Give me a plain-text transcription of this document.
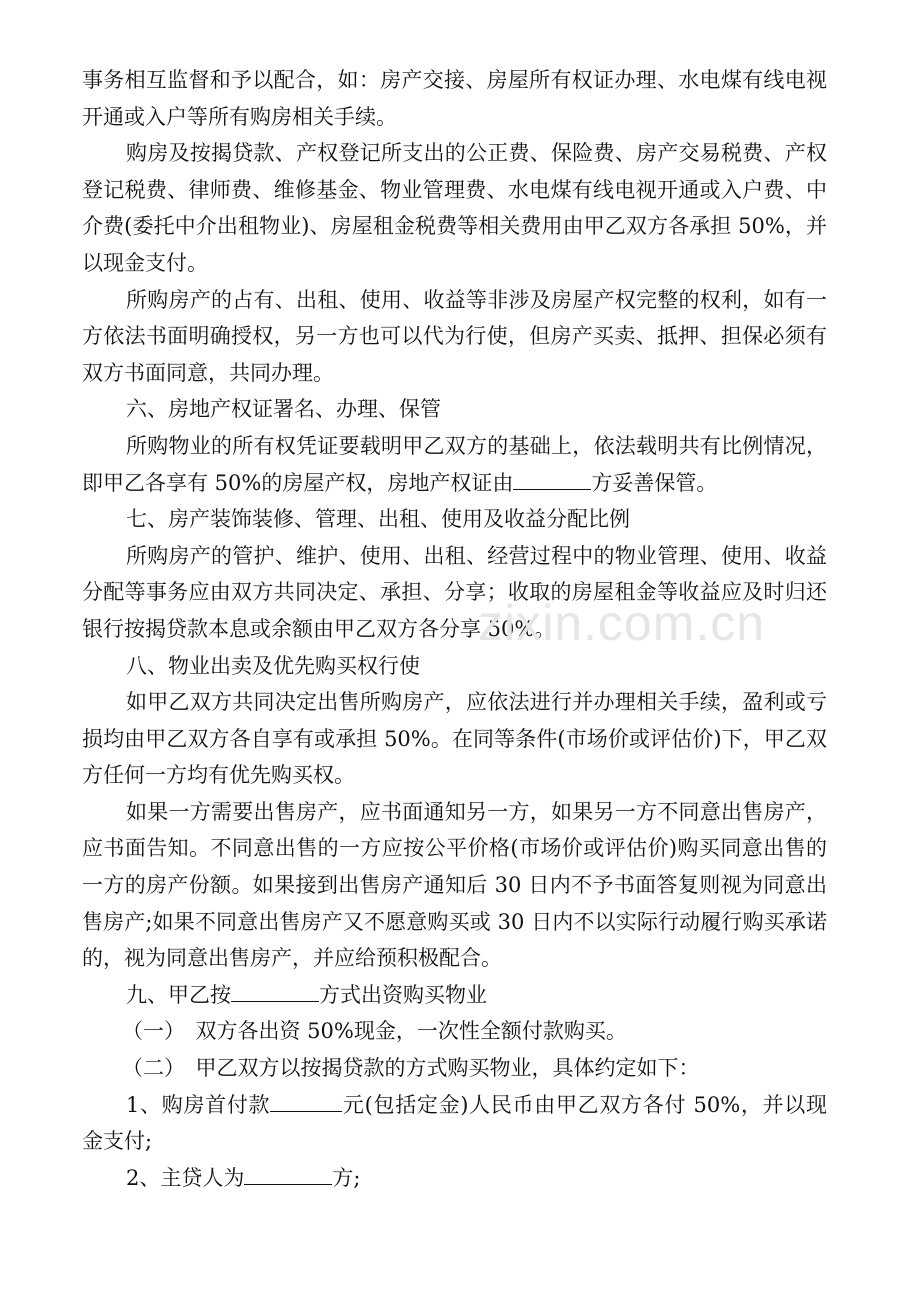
事务相互监督和予以配合，如：房产交接、房屋所有权证办理、水电煤有线电视开通或入户等所有购房相关手续。

购房及按揭贷款、产权登记所支出的公正费、保险费、房产交易税费、产权登记税费、律师费、维修基金、物业管理费、水电煤有线电视开通或入户费、中介费(委托中介出租物业)、房屋租金税费等相关费用由甲乙双方各承担 50%，并以现金支付。

所购房产的占有、出租、使用、收益等非涉及房屋产权完整的权利，如有一方依法书面明确授权，另一方也可以代为行使，但房产买卖、抵押、担保必须有双方书面同意，共同办理。

六、房地产权证署名、办理、保管

所购物业的所有权凭证要载明甲乙双方的基础上，依法载明共有比例情况，即甲乙各享有 50%的房屋产权，房地产权证由	方妥善保管。

七、房产装饰装修、管理、出租、使用及收益分配比例

所购房产的管护、维护、使用、出租、经营过程中的物业管理、使用、收益分配等事务应由双方共同决定、承担、分享；收取的房屋租金等收益应及时归还银行按揭贷款本息或余额由甲乙双方各分享 50%。

八、物业出卖及优先购买权行使

如甲乙双方共同决定出售所购房产，应依法进行并办理相关手续，盈利或亏损均由甲乙双方各自享有或承担 50%。在同等条件(市场价或评估价)下，甲乙双方任何一方均有优先购买权。

如果一方需要出售房产，应书面通知另一方，如果另一方不同意出售房产，应书面告知。不同意出售的一方应按公平价格(市场价或评估价)购买同意出售的一方的房产份额。如果接到出售房产通知后 30 日内不予书面答复则视为同意出售房产;如果不同意出售房产又不愿意购买或 30 日内不以实际行动履行购买承诺的，视为同意出售房产，并应给预积极配合。

九、甲乙按	方式出资购买物业

（一）　双方各出资 50%现金，一次性全额付款购买。

（二）　甲乙双方以按揭贷款的方式购买物业，具体约定如下：

1、购房首付款	元(包括定金)人民币由甲乙双方各付 50%，并以现金支付;

2、主贷人为	方;

zixin.com.cn
